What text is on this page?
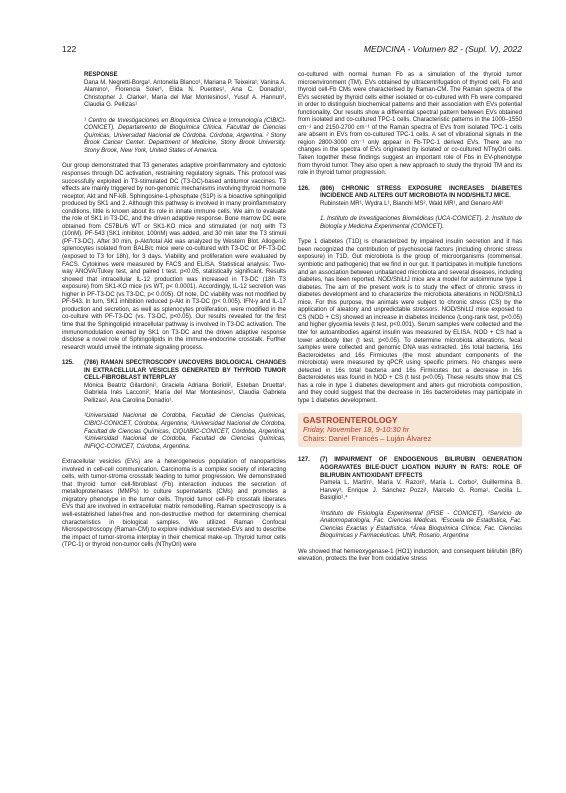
122	MEDICINA - Volumen 82 - (Supl. V), 2022

RESPONSE

Dana M. Negretti-Borga¹, Antonella Blanco¹, Mariana P. Teixeira¹, Vanina A. Alamino¹, Florencia Soler¹, Elida N. Puentes¹, Ana C. Donadío¹, Christopher J. Clarke², María del Mar Montesinos¹, Yusuf A. Hannun², Claudia G. Pellizas¹

¹ Centro de Investigaciones en Bioquímica Clínica e Inmunología (CIBICI-CONICET). Departamento de Bioquímica Clínica. Facultad de Ciencias Químicas, Universidad Nacional de Córdoba. Córdoba, Argentina. ² Stony Brook Cancer Center. Department of Medicine, Stony Brook University. Stony Brook, New York, United States of America.

Our group demonstrated that T3 generates adaptive proinflammatory and cytotoxic responses through DC activation, restraining regulatory signals. This protocol was successfully exploited in T3-stimulated DC (T3-DC)-based antitumor vaccines. T3 effects are mainly triggered by non-genomic mechanisms involving thyroid hormone receptor, Akt and NF-kB. Sphingosine-1-phosphate (S1P) is a bioactive sphingolipid produced by SK1 and 2. Although this pathway is involved in many proinflammatory conditions, little is known about its role in innate immune cells. We aim to evaluate the role of SK1 in T3-DC, and the driven adaptive response. Bone marrow DC were obtained from C57BL/6 WT or SK1-KO mice and stimulated (or not) with T3 (10nM). PF-543 (SK1 inhibitor, 100nM) was added, and 30 min later the T3 stimuli (PF-T3-DC). After 30 min, p-Akt/total Akt was analyzed by Western Blot. Allogenic splenocytes isolated from BALB/c mice were co-cultured with T3-DC or PF-T3-DC (exposed to T3 for 18h), for 3 days. Viability and proliferation were evaluated by FACS. Cytokines were measured by FACS and ELISA. Statistical analysis: Two-way ANOVA/Tukey test, and paired t test. p<0.05, statistically significant. Results showed that intracellular IL-12 production was increased in T3-DC (18h T3 exposure) from SK1-KO mice (vs WT, p< 0.0001). Accordingly, IL-12 secretion was higher in PF-T3-DC (vs T3-DC, p< 0.005). Of note, DC viability was not modified by PF-543. In turn, SK1 inhibition reduced p-Akt in T3-DC (p< 0.005). IFN-γ and IL-17 production and secretion, as well as splenocytes proliferation, were modified in the co-culture with PF-T3-DC (vs. T3-DC, p<0.05). Our results revealed for the first time that the Sphingolipid intracellular pathway is involved in T3-DC activation. The immunomodulation exerted by SK1 on T3-DC and the driven adaptive response disclose a novel role of Sphingolipids in the immune-endocrine crosstalk. Further research would unveil the intimate signaling process.

125.	(786) RAMAN SPECTROSCOPY UNCOVERS BIOLOGICAL CHANGES IN EXTRACELLULAR VESICLES GENERATED BY THYROID TUMOR CELL-FIBROBLAST INTERPLAY

Mónica Beatriz Gilardoni¹, Graciela Adriana Borioli², Esteban Druetta³, Gabriela Inés Lacconi², María del Mar Montesinos¹, Claudia Gabriela Pellizas¹, Ana Carolina Donadío¹.

¹Universidad Nacional de Córdoba, Facultad de Ciencias Químicas, CIBICI-CONICET, Córdoba, Argentina; ²Universidad Nacional de Córdoba, Facultad de Ciencias Químicas, CIQUIBIC-CONICET, Córdoba, Argentina; ³Universidad Nacional de Córdoba, Facultad de Ciencias Químicas, INFIQC-CONICET, Córdoba, Argentina.

Extracellular vesicles (EVs) are a heterogeneous population of nanoparticles involved in cell-cell communication. Carcinoma is a complex society of interacting cells, with tumor-stroma crosstalk leading to tumor progression. We demonstrated that thyroid tumor cell-fibroblast (Fb) interaction induces the secretion of metalloproteinases (MMPs) to culture supernatants (CMs) and promotes a migratory phenotype in the tumor cells. Thyroid tumor cell-Fb crosstalk liberates EVs that are involved in extracellular matrix remodelling. Raman spectroscopy is a well-established label-free and non-destructive method for determining chemical characteristics in biological samples. We utilized Raman Confocal Microspectroscopy (Raman-CM) to explore individual secreted-EVs and to describe the impact of tumor-stroma interplay in their chemical make-up. Thyroid tumor cells (TPC-1) or thyroid non-tumor cells (NThyOri) were

co-cultured with normal human Fb as a simulation of the thyroid tumor microenvironment (TM). EVs obtained by ultracentrifugation of thyroid cell, Fb and thyroid cell-Fb CMs were characterised by Raman-CM. The Raman spectra of the EVs secreted by thyroid cells either isolated or co-cultured with Fb were compared in order to distinguish biochemical patterns and their association with EVs potential functionality. Our results show a differential spectral pattern between EVs obtained from isolated and co-cultured TPC-1 cells. Characteristic patterns in the 1000–1550 cm⁻¹ and 2150-2700 cm⁻¹ of the Raman spectra of EVs from isolated TPC-1 cells are absent in EVs from co-cultured TPC-1 cells. A set of vibrational signals in the region 2800-3000 cm⁻¹ only appear in Fb-TPC-1 derived EVs. There are no changes in the spectra of EVs originated by isolated or co-cultured NThyOri cells. Taken together these findings suggest an important role of Fbs in EV-phenotype from thyroid tumor. They also open a new approach to study the thyroid TM and its role in thyroid tumor progression.

126.	(806) CHRONIC STRESS EXPOSURE INCREASES DIABETES INCIDENCE AND ALTERS GUT MICROBIOTA IN NOD/SHILTJ MICE.

Rubinstein MR¹, Wydra L¹, Bianchi MS², Wald MR¹, and Genaro AM¹

1. Instituto de Investigaciones Biomédicas (UCA-CONICET). 2. Instituto de Biología y Medicina Experimental (CONICET).

Type 1 diabetes (T1D) is characterized by impaired insulin secretion and it has been recognized the contribution of psychosocial factors (including chronic stress exposure) in T1D. Gut microbiota is the group of microorganisms (commensal, symbiotic and pathogenic) that we find in our gut. It participates in multiple functions and an association between unbalanced microbiota and several diseases, including diabetes, has been reported. NOD/ShiLtJ mice are a model for autoimmune type 1 diabetes. The aim of the present work is to study the effect of chronic stress in diabetes development and to characterize the microbiota alterations in NOD/ShiLtJ mice. For this purpose, the animals were subject to chronic stress (CS) by the application of aleatory and unpredictable stressors. NOD/ShiLtJ mice exposed to CS (NOD + CS) showed an increase in diabetes incidence (Long-rank test, p<0.05) and higher glycemia levels (t test, p<0.001). Serum samples were collected and the titer for autoantibodies against insulin was measured by ELISA. NOD + CS had a lower antibody titer (t test, p<0.05). To determine microbiota alterations, fecal samples were collected and genomic DNA was extracted. 16s total bacteria, 16s Bacteroidetes and 16s Firmicutes (the most abundant components of the microbiota) were measured by qPCR using specific primers. No changes were detected in 16s total bacteria and 16s Firmicutes but a decrease in 16s Bacteroidetes was found in NOD + CS (t test p<0.05). These results show that CS has a role in type 1 diabetes development and alters gut microbiota composition, and they could suggest that the decrease in 16s bacteroidetes may participate in type 1 diabetes development.

GASTROENTEROLOGY
Friday, November 18, 9-10:30 hr
Chairs: Daniel Francés – Luján Álvarez
127.	(7) IMPAIRMENT OF ENDOGENOUS BILIRUBIN GENERATION AGGRAVATES BILE-DUCT LIGATION INJURY IN RATS: ROLE OF BILIRUBIN ANTIOXIDANT EFFECTS

Pamela L. Martín¹, María V. Razori¹, María L. Corbo², Guillermina B. Harvey³, Enrique J. Sánchez Pozzi¹, Marcelo G. Roma¹, Cecilia L. Basiglio¹,⁴

¹Instituto de Fisiología Experimental (IFISE - CONICET), ²Servicio de Anatomopatología, Fac. Ciencias Médicas. ³Escuela de Estadística, Fac. Ciencias Exactas y Estadística. ⁴Área Bioquímica Clínica; Fac. Ciencias Bioquímicas y Farmacéuticas. UNR, Rosario, Argentina

We showed that hemeoxygenase-1 (HO1) induction, and consequent bilirubin (BR) elevation, protects the liver from oxidative stress
